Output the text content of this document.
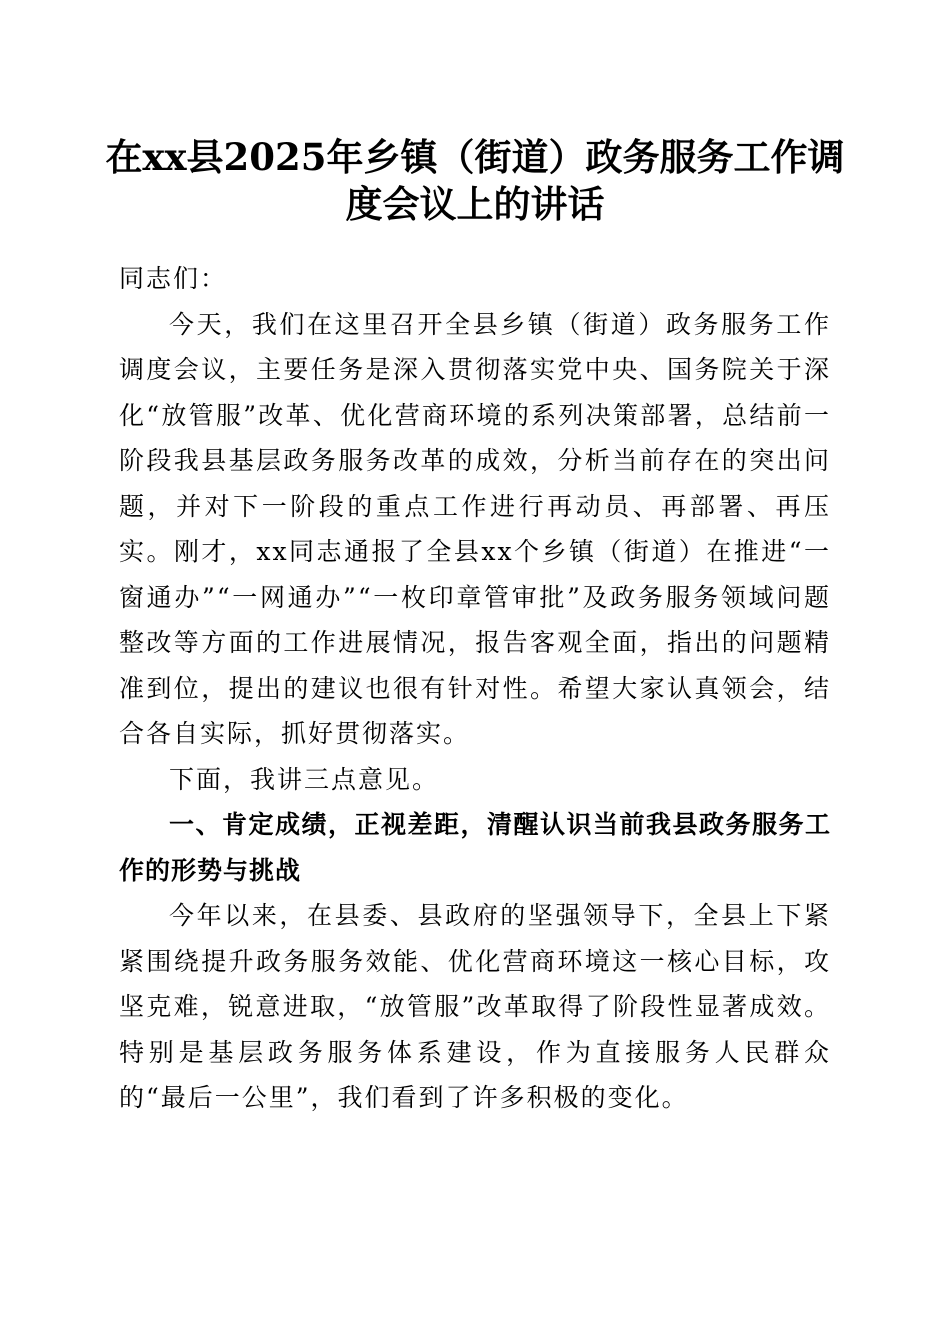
在xx县2025年乡镇（街道）政务服务工作调度会议上的讲话

同志们：

今天，我们在这里召开全县乡镇（街道）政务服务工作调度会议，主要任务是深入贯彻落实党中央、国务院关于深化“放管服”改革、优化营商环境的系列决策部署，总结前一阶段我县基层政务服务改革的成效，分析当前存在的突出问题，并对下一阶段的重点工作进行再动员、再部署、再压实。刚才，xx同志通报了全县xx个乡镇（街道）在推进“一窗通办”“一网通办”“一枚印章管审批”及政务服务领域问题整改等方面的工作进展情况，报告客观全面，指出的问题精准到位，提出的建议也很有针对性。希望大家认真领会，结合各自实际，抓好贯彻落实。

下面，我讲三点意见。

一、肯定成绩，正视差距，清醒认识当前我县政务服务工作的形势与挑战

今年以来，在县委、县政府的坚强领导下，全县上下紧紧围绕提升政务服务效能、优化营商环境这一核心目标，攻坚克难，锐意进取，“放管服”改革取得了阶段性显著成效。特别是基层政务服务体系建设，作为直接服务人民群众的“最后一公里”，我们看到了许多积极的变化。
